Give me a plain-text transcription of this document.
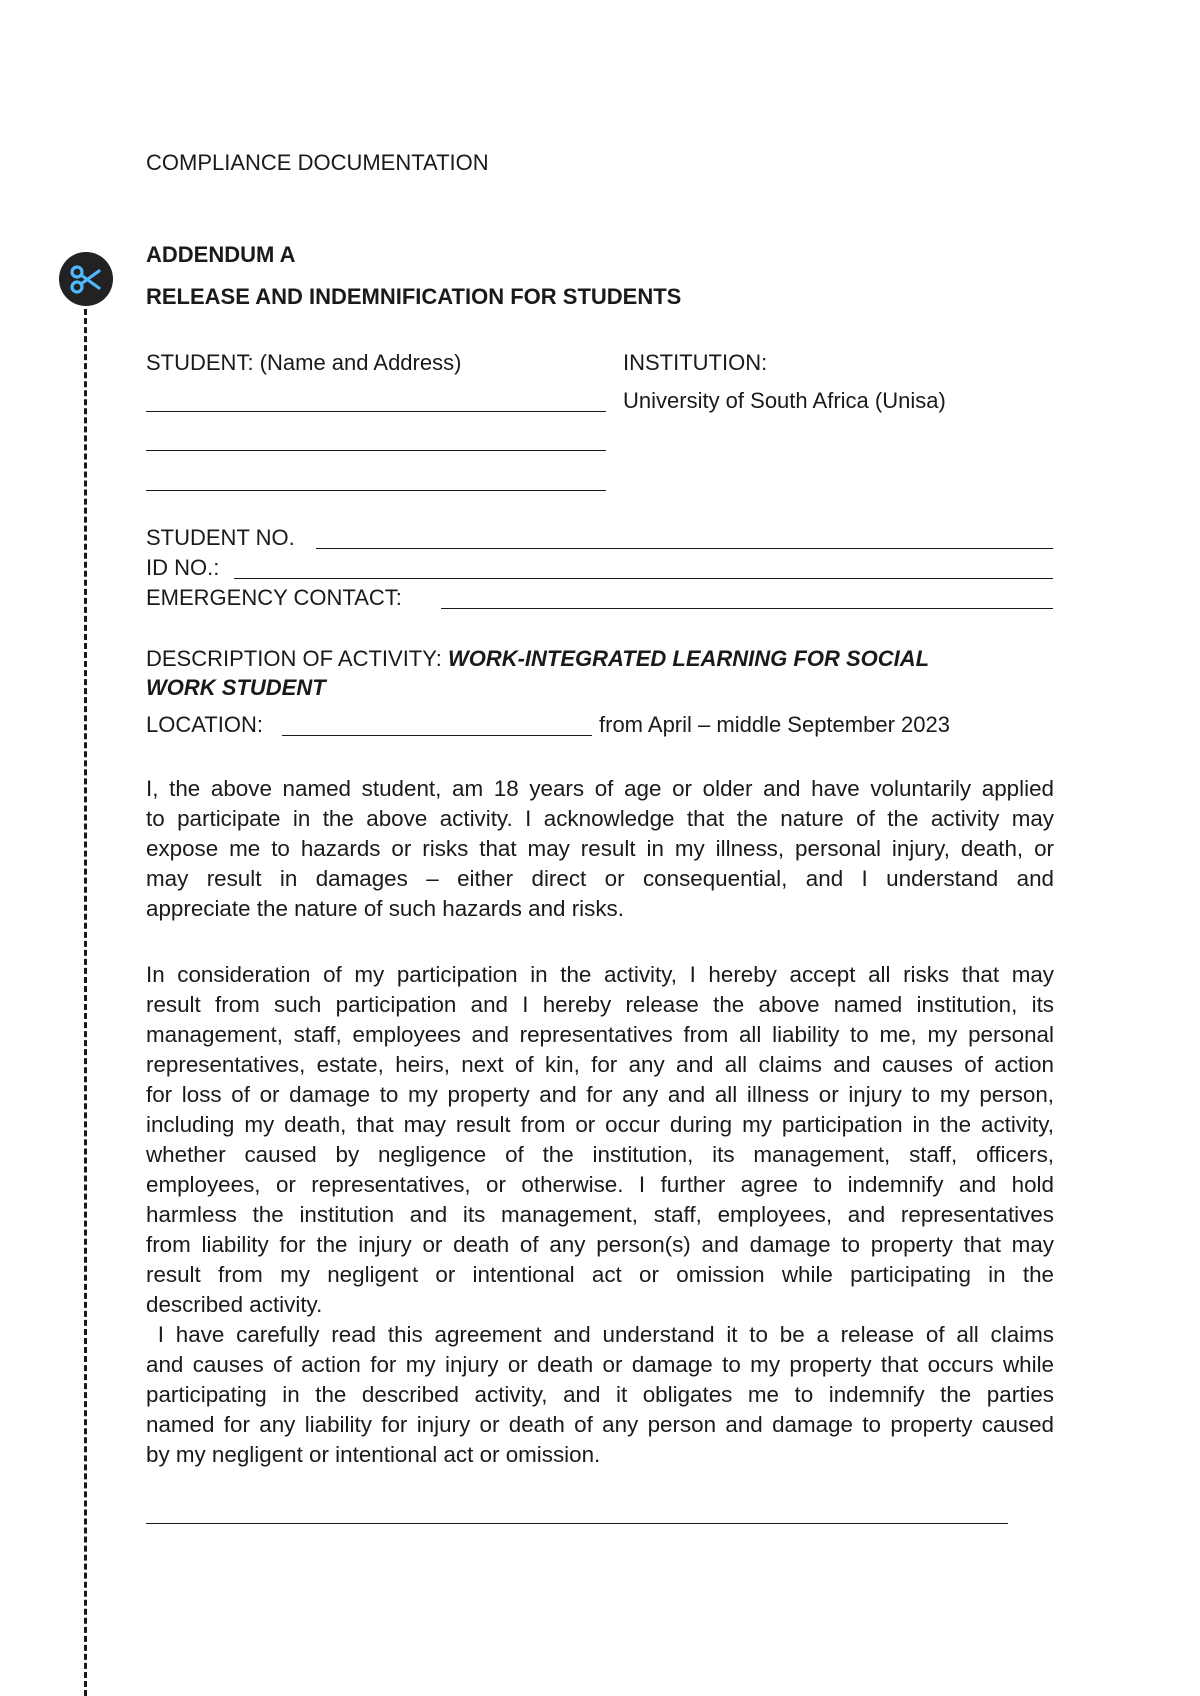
COMPLIANCE DOCUMENTATION
ADDENDUM A
RELEASE AND INDEMNIFICATION FOR STUDENTS
STUDENT: (Name and Address)	INSTITUTION:
University of South Africa (Unisa)
STUDENT NO.
ID NO.:
EMERGENCY CONTACT:
DESCRIPTION OF ACTIVITY: WORK-INTEGRATED LEARNING FOR SOCIAL
WORK STUDENT
LOCATION:	from April – middle September 2023
I, the above named student, am 18 years of age or older and have voluntarily applied
to participate in the above activity. I acknowledge that the nature of the activity may
expose me to hazards or risks that may result in my illness, personal injury, death, or
may result in damages – either direct or consequential, and I understand and
appreciate the nature of such hazards and risks.
In consideration of my participation in the activity, I hereby accept all risks that may
result from such participation and I hereby release the above named institution, its
management, staff, employees and representatives from all liability to me, my personal
representatives, estate, heirs, next of kin, for any and all claims and causes of action
for loss of or damage to my property and for any and all illness or injury to my person,
including my death, that may result from or occur during my participation in the activity,
whether caused by negligence of the institution, its management, staff, officers,
employees, or representatives, or otherwise. I further agree to indemnify and hold
harmless the institution and its management, staff, employees, and representatives
from liability for the injury or death of any person(s) and damage to property that may
result from my negligent or intentional act or omission while participating in the
described activity.
I have carefully read this agreement and understand it to be a release of all claims
and causes of action for my injury or death or damage to my property that occurs while
participating in the described activity, and it obligates me to indemnify the parties
named for any liability for injury or death of any person and damage to property caused
by my negligent or intentional act or omission.
